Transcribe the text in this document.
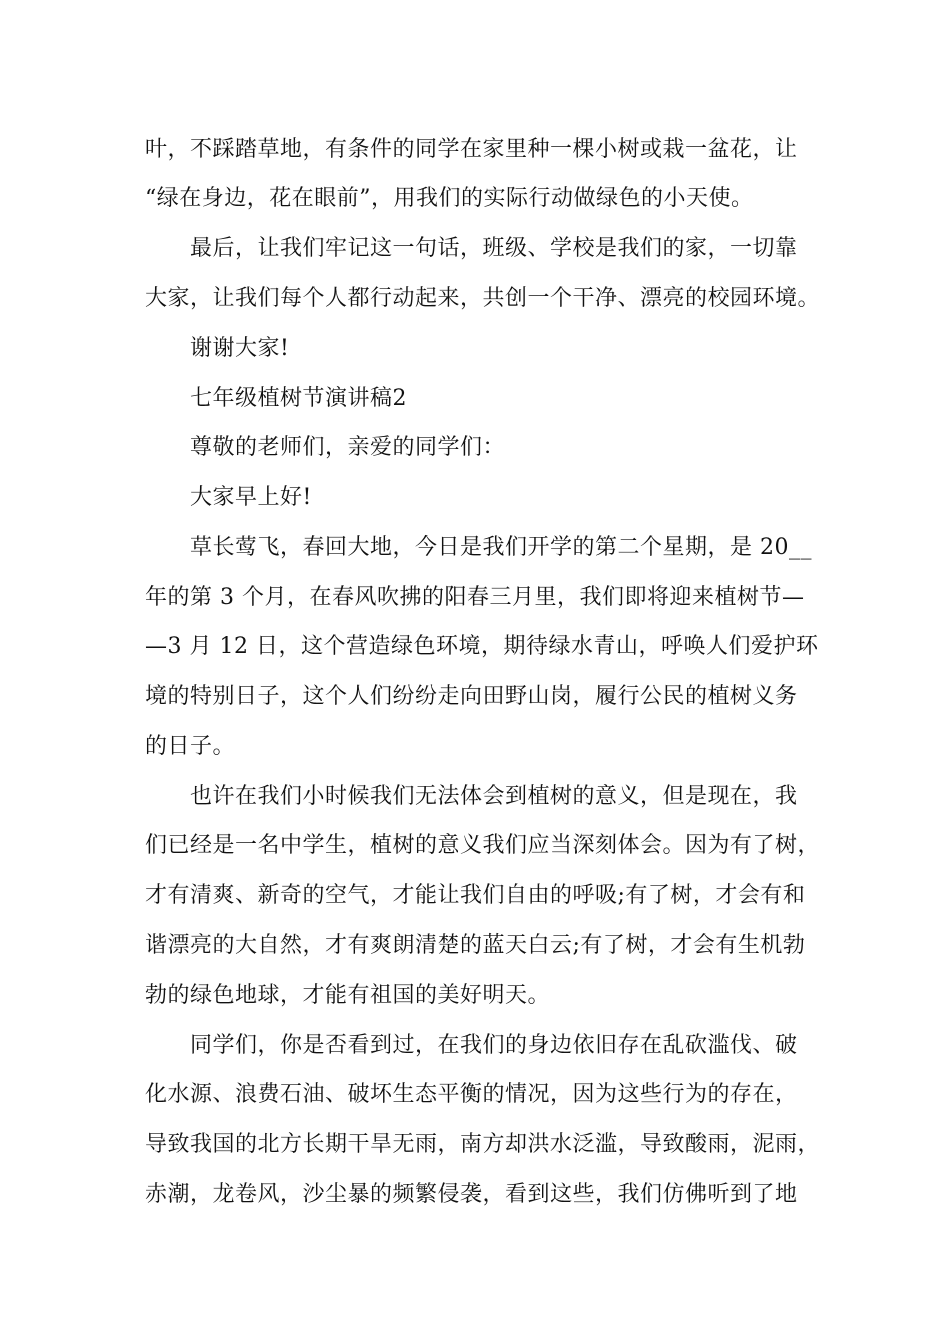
叶，不踩踏草地，有条件的同学在家里种一棵小树或栽一盆花，让
“绿在身边，花在眼前”，用我们的实际行动做绿色的小天使。
最后，让我们牢记这一句话，班级、学校是我们的家，一切靠
大家，让我们每个人都行动起来，共创一个干净、漂亮的校园环境。
谢谢大家!
七年级植树节演讲稿2
尊敬的老师们，亲爱的同学们：
大家早上好!
草长莺飞，春回大地，今日是我们开学的第二个星期，是 20__
年的第 3 个月，在春风吹拂的阳春三月里，我们即将迎来植树节—
—3 月 12 日，这个营造绿色环境，期待绿水青山，呼唤人们爱护环
境的特别日子，这个人们纷纷走向田野山岗，履行公民的植树义务
的日子。
也许在我们小时候我们无法体会到植树的意义，但是现在，我
们已经是一名中学生，植树的意义我们应当深刻体会。因为有了树，
才有清爽、新奇的空气，才能让我们自由的呼吸;有了树，才会有和
谐漂亮的大自然，才有爽朗清楚的蓝天白云;有了树，才会有生机勃
勃的绿色地球，才能有祖国的美好明天。
同学们，你是否看到过，在我们的身边依旧存在乱砍滥伐、破
化水源、浪费石油、破坏生态平衡的情况，因为这些行为的存在，
导致我国的北方长期干旱无雨，南方却洪水泛滥，导致酸雨，泥雨，
赤潮，龙卷风，沙尘暴的频繁侵袭，看到这些，我们仿佛听到了地
